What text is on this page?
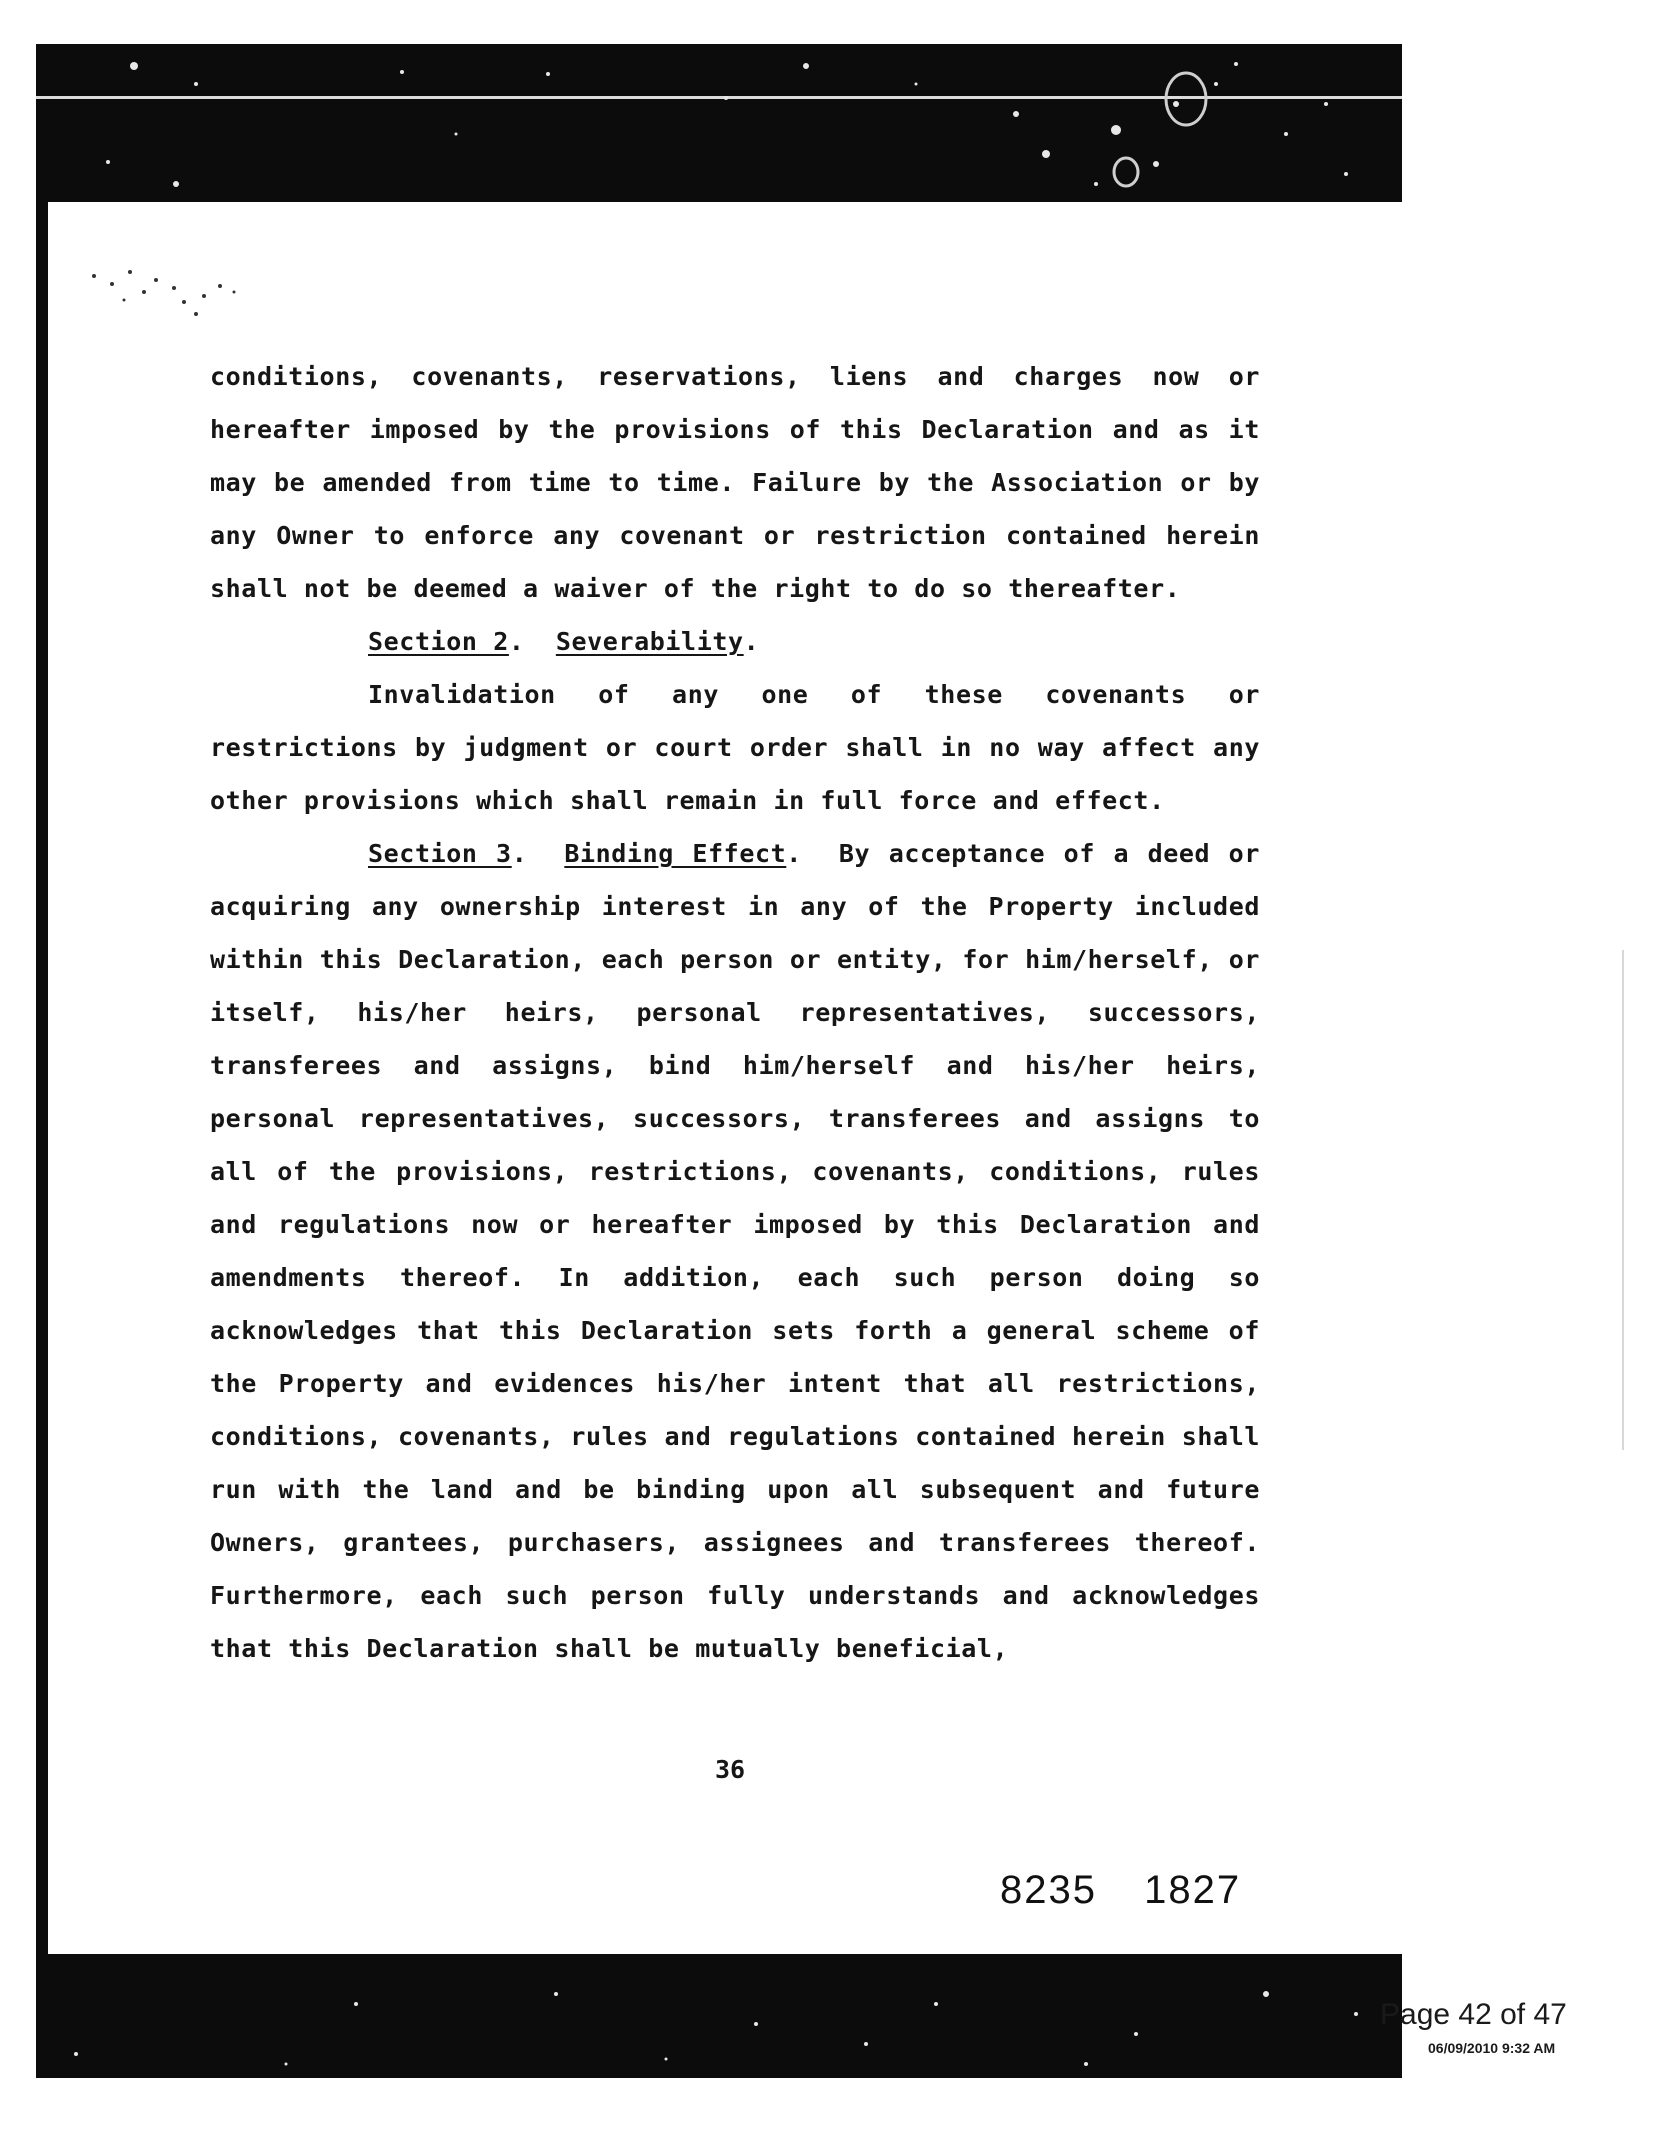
conditions, covenants, reservations, liens and charges now or hereafter imposed by the provisions of this Declaration and as it may be amended from time to time. Failure by the Association or by any Owner to enforce any covenant or restriction contained herein shall not be deemed a waiver of the right to do so thereafter.

Section 2.  Severability.

Invalidation of any one of these covenants or restrictions by judgment or court order shall in no way affect any other provisions which shall remain in full force and effect.

Section 3.  Binding Effect.  By acceptance of a deed or acquiring any ownership interest in any of the Property included within this Declaration, each person or entity, for him/herself, or itself, his/her heirs, personal representatives, successors, transferees and assigns, bind him/herself and his/her heirs, personal representatives, successors, transferees and assigns to all of the provisions, restrictions, covenants, conditions, rules and regulations now or hereafter imposed by this Declaration and amendments thereof. In addition, each such person doing so acknowledges that this Declaration sets forth a general scheme of the Property and evidences his/her intent that all restrictions, conditions, covenants, rules and regulations contained herein shall run with the land and be binding upon all subsequent and future Owners, grantees, purchasers, assignees and transferees thereof. Furthermore, each such person fully understands and acknowledges that this Declaration shall be mutually beneficial,

36
8235 1827
Page 42 of 47
06/09/2010 9:32 AM
